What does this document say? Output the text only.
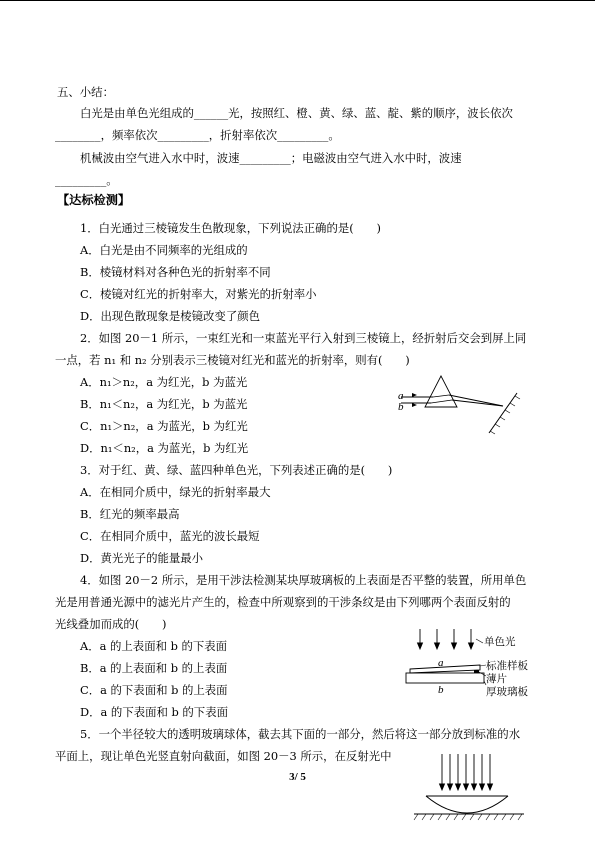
五、小结：
白光是由单色光组成的______光，按照红、橙、黄、绿、蓝、靛、紫的顺序，波长依次
________，频率依次_________，折射率依次_________。
机械波由空气进入水中时，波速_________；电磁波由空气进入水中时，波速
_________。
【达标检测】
1．白光通过三棱镜发生色散现象，下列说法正确的是(　　)
A．白光是由不同频率的光组成的
B．棱镜材料对各种色光的折射率不同
C．棱镜对红光的折射率大，对紫光的折射率小
D．出现色散现象是棱镜改变了颜色
2．如图 20－1 所示，一束红光和一束蓝光平行入射到三棱镜上，经折射后交会到屏上同
一点，若 n₁ 和 n₂ 分别表示三棱镜对红光和蓝光的折射率，则有(　　)
A．n₁＞n₂，a 为红光，b 为蓝光
B．n₁＜n₂，a 为红光，b 为蓝光
C．n₁＞n₂，a 为蓝光，b 为红光
D．n₁＜n₂，a 为蓝光，b 为红光
a
b
3．对于红、黄、绿、蓝四种单色光，下列表述正确的是(　　)
A．在相同介质中，绿光的折射率最大
B．红光的频率最高
C．在相同介质中，蓝光的波长最短
D．黄光光子的能量最小
4．如图 20－2 所示，是用干涉法检测某块厚玻璃板的上表面是否平整的装置，所用单色
光是用普通光源中的滤光片产生的，检查中所观察到的干涉条纹是由下列哪两个表面反射的
光线叠加而成的(　　)
A．a 的上表面和 b 的下表面
B．a 的上表面和 b 的上表面
C．a 的下表面和 b 的上表面
D．a 的下表面和 b 的下表面
单色光
标准样板
薄片
厚玻璃板
a
b
5．一个半径较大的透明玻璃球体，截去其下面的一部分，然后将这一部分放到标准的水
平面上，现让单色光竖直射向截面，如图 20－3 所示，在反射光中
3/ 5
